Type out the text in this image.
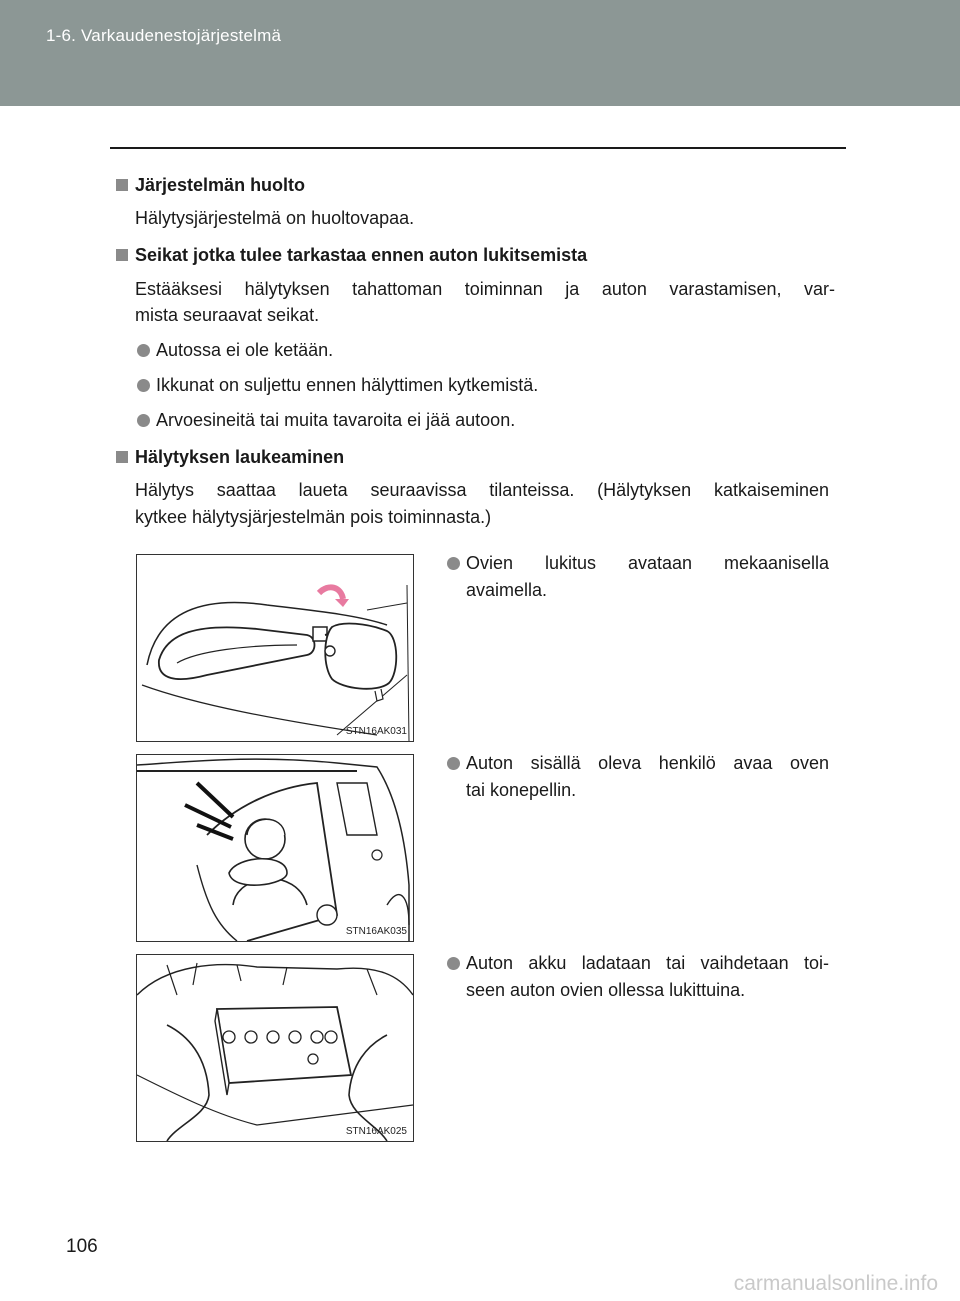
1-6. Varkaudenestojärjestelmä
Järjestelmän huolto
Hälytysjärjestelmä on huoltovapaa.
Seikat jotka tulee tarkastaa ennen auton lukitsemista
Estääksesi hälytyksen tahattoman toiminnan ja auton varastamisen, var-
mista seuraavat seikat.
Autossa ei ole ketään.
Ikkunat on suljettu ennen hälyttimen kytkemistä.
Arvoesineitä tai muita tavaroita ei jää autoon.
Hälytyksen laukeaminen
Hälytys saattaa laueta seuraavissa tilanteissa. (Hälytyksen katkaiseminen
kytkee hälytysjärjestelmän pois toiminnasta.)
STN16AK031
Ovien lukitus avataan mekaanisella
avaimella.
STN16AK035
Auton sisällä oleva henkilö avaa oven
tai konepellin.
STN16AK025
Auton akku ladataan tai vaihdetaan toi-
seen auton ovien ollessa lukittuina.
106
carmanualsonline.info
